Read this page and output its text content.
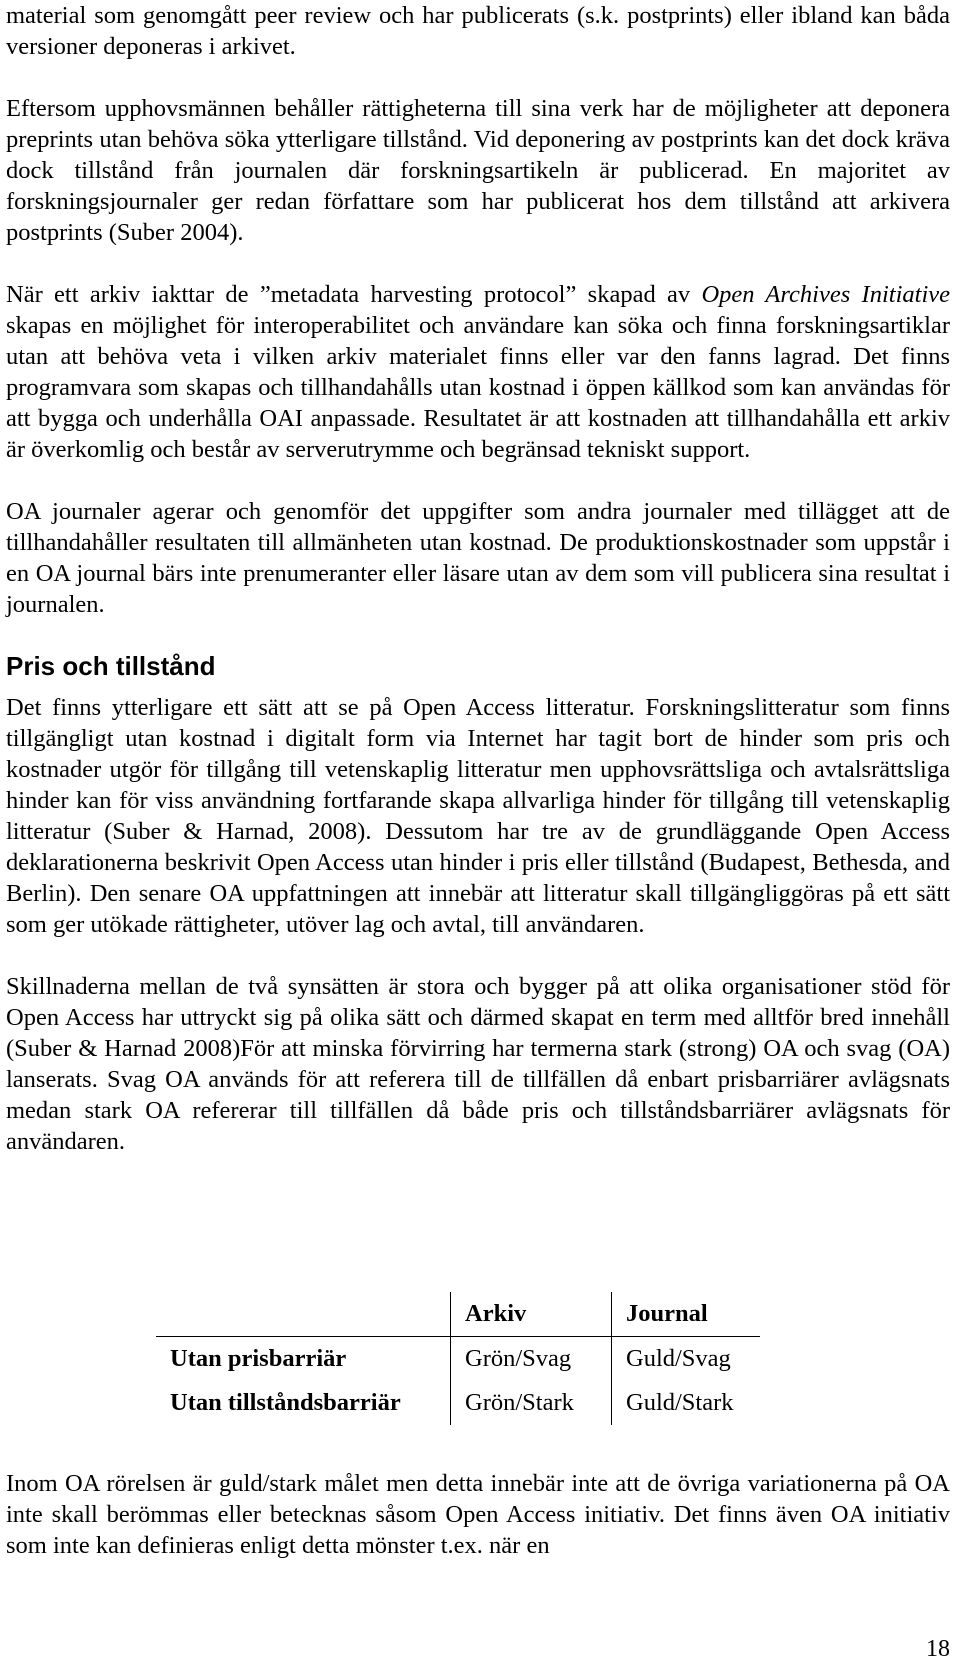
material som genomgått peer review och har publicerats (s.k. postprints) eller ibland kan båda versioner deponeras i arkivet.

Eftersom upphovsmännen behåller rättigheterna till sina verk har de möjligheter att deponera preprints utan behöva söka ytterligare tillstånd. Vid deponering av postprints kan det dock kräva dock tillstånd från journalen där forskningsartikeln är publicerad. En majoritet av forskningsjournaler ger redan författare som har publicerat hos dem tillstånd att arkivera postprints (Suber 2004).

När ett arkiv iakttar de ”metadata harvesting protocol” skapad av Open Archives Initiative skapas en möjlighet för interoperabilitet och användare kan söka och finna forskningsartiklar utan att behöva veta i vilken arkiv materialet finns eller var den fanns lagrad. Det finns programvara som skapas och tillhandahålls utan kostnad i öppen källkod som kan användas för att bygga och underhålla OAI anpassade. Resultatet är att kostnaden att tillhandahålla ett arkiv är överkomlig och består av serverutrymme och begränsad tekniskt support.

OA journaler agerar och genomför det uppgifter som andra journaler med tillägget att de tillhandahåller resultaten till allmänheten utan kostnad. De produktionskostnader som uppstår i en OA journal bärs inte prenumeranter eller läsare utan av dem som vill publicera sina resultat i journalen.

Pris och tillstånd

Det finns ytterligare ett sätt att se på Open Access litteratur. Forskningslitteratur som finns tillgängligt utan kostnad i digitalt form via Internet har tagit bort de hinder som pris och kostnader utgör för tillgång till vetenskaplig litteratur men upphovsrättsliga och avtalsrättsliga hinder kan för viss användning fortfarande skapa allvarliga hinder för tillgång till vetenskaplig litteratur (Suber & Harnad, 2008). Dessutom har tre av de grundläggande Open Access deklarationerna beskrivit Open Access utan hinder i pris eller tillstånd (Budapest, Bethesda, and Berlin). Den senare OA uppfattningen att innebär att litteratur skall tillgängliggöras på ett sätt som ger utökade rättigheter, utöver lag och avtal, till användaren.

Skillnaderna mellan de två synsätten är stora och bygger på att olika organisationer stöd för Open Access har uttryckt sig på olika sätt och därmed skapat en term med alltför bred innehåll (Suber & Harnad 2008)För att minska förvirring har termerna stark (strong) OA och svag (OA) lanserats. Svag OA används för att referera till de tillfällen då enbart prisbarriärer avlägsnats medan stark OA refererar till tillfällen då både pris och tillståndsbarriärer avlägsnats för användaren.

	Arkiv	Journal
Utan prisbarriär	Grön/Svag	Guld/Svag
Utan tillståndsbarriär	Grön/Stark	Guld/Stark

Inom OA rörelsen är guld/stark målet men detta innebär inte att de övriga variationerna på OA inte skall berömmas eller betecknas såsom Open Access initiativ. Det finns även OA initiativ som inte kan definieras enligt detta mönster t.ex. när en

18
